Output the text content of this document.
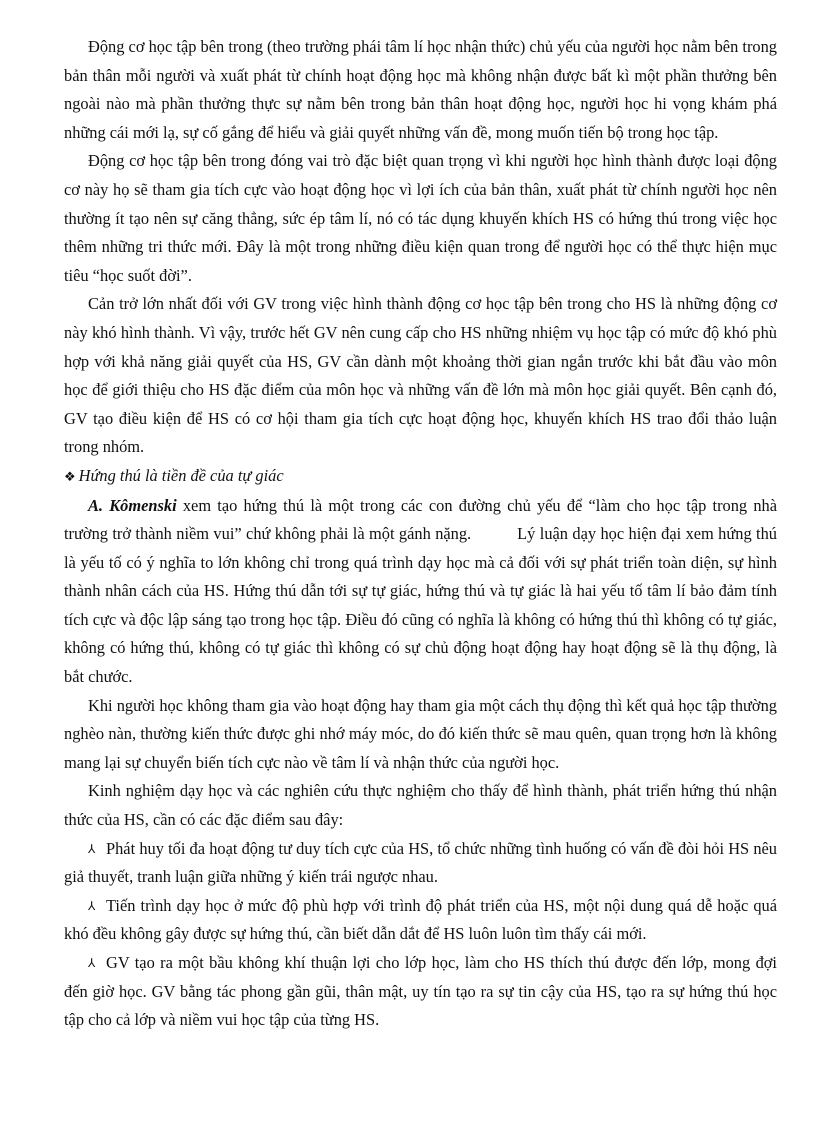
Động cơ học tập bên trong (theo trường phái tâm lí học nhận thức) chủ yếu của người học nằm bên trong bản thân mỗi người và xuất phát từ chính hoạt động học mà không nhận được bất kì một phần thưởng bên ngoài nào mà phần thưởng thực sự nằm bên trong bản thân hoạt động học, người học hi vọng khám phá những cái mới lạ, sự cố gắng để hiểu và giải quyết những vấn đề, mong muốn tiến bộ trong học tập.

Động cơ học tập bên trong đóng vai trò đặc biệt quan trọng vì khi người học hình thành được loại động cơ này họ sẽ tham gia tích cực vào hoạt động học vì lợi ích của bản thân, xuất phát từ chính người học nên thường ít tạo nên sự căng thẳng, sức ép tâm lí, nó có tác dụng khuyến khích HS có hứng thú trong việc học thêm những tri thức mới. Đây là một trong những điều kiện quan trong để người học có thể thực hiện mục tiêu “học suốt đời”.

Cản trở lớn nhất đối với GV trong việc hình thành động cơ học tập bên trong cho HS là những động cơ này khó hình thành. Vì vậy, trước hết GV nên cung cấp cho HS những nhiệm vụ học tập có mức độ khó phù hợp với khả năng giải quyết của HS, GV cần dành một khoảng thời gian ngắn trước khi bắt đầu vào môn học để giới thiệu cho HS đặc điểm của môn học và những vấn đề lớn mà môn học giải quyết. Bên cạnh đó, GV tạo điều kiện để HS có cơ hội tham gia tích cực hoạt động học, khuyến khích HS trao đổi thảo luận trong nhóm.

❖ Hứng thú là tiền đề của tự giác

A. Kômenski xem tạo hứng thú là một trong các con đường chủ yếu để “làm cho học tập trong nhà trường trở thành niềm vui” chứ không phải là một gánh nặng.	Lý luận dạy học hiện đại xem hứng thú là yếu tố có ý nghĩa to lớn không chỉ trong quá trình dạy học mà cả đối với sự phát triển toàn diện, sự hình thành nhân cách của HS. Hứng thú dẫn tới sự tự giác, hứng thú và tự giác là hai yếu tố tâm lí bảo đảm tính tích cực và độc lập sáng tạo trong học tập. Điều đó cũng có nghĩa là không có hứng thú thì không có tự giác, không có hứng thú, không có tự giác thì không có sự chủ động hoạt động hay hoạt động sẽ là thụ động, là bắt chước.

Khi người học không tham gia vào hoạt động hay tham gia một cách thụ động thì kết quả học tập thường nghèo nàn, thường kiến thức được ghi nhớ máy móc, do đó kiến thức sẽ mau quên, quan trọng hơn là không mang lại sự chuyển biến tích cực nào về tâm lí và nhận thức của người học.

Kinh nghiệm dạy học và các nghiên cứu thực nghiệm cho thấy để hình thành, phát triển hứng thú nhận thức của HS, cần có các đặc điểm sau đây:

⅄ Phát huy tối đa hoạt động tư duy tích cực của HS, tổ chức những tình huống có vấn đề đòi hỏi HS nêu giả thuyết, tranh luận giữa những ý kiến trái ngược nhau.

⅄ Tiến trình dạy học ở mức độ phù hợp với trình độ phát triển của HS, một nội dung quá dễ hoặc quá khó đều không gây được sự hứng thú, cần biết dẫn dắt để HS luôn luôn tìm thấy cái mới.

⅄ GV tạo ra một bầu không khí thuận lợi cho lớp học, làm cho HS thích thú được đến lớp, mong đợi đến giờ học. GV bằng tác phong gần gũi, thân mật, uy tín tạo ra sự tin cậy của HS, tạo ra sự hứng thú học tập cho cả lớp và niềm vui học tập của từng HS.
